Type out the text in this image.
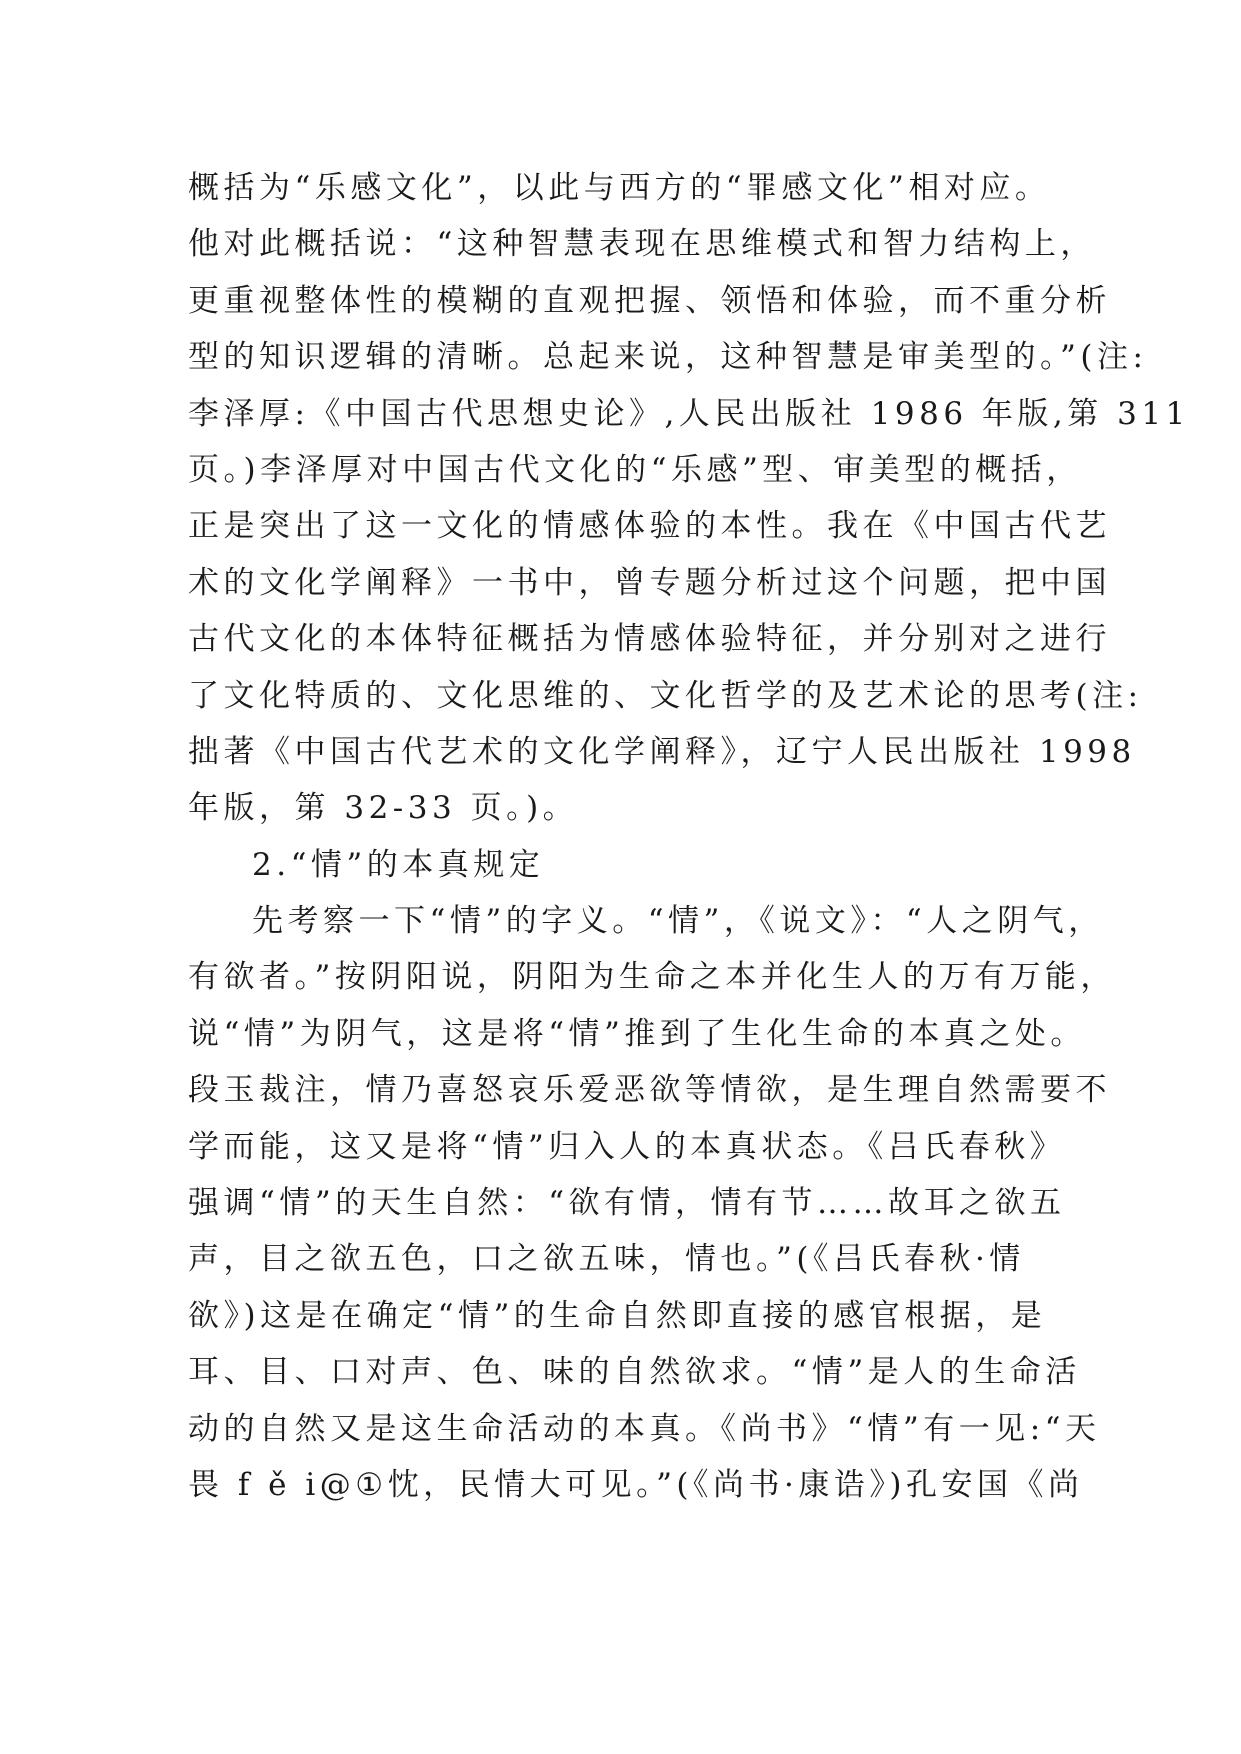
概括为“乐感文化”，以此与西方的“罪感文化”相对应。
他对此概括说：“这种智慧表现在思维模式和智力结构上，
更重视整体性的模糊的直观把握、领悟和体验，而不重分析
型的知识逻辑的清晰。总起来说，这种智慧是审美型的。”(注:
李泽厚:《中国古代思想史论》,人民出版社 1986 年版,第 311
页。)李泽厚对中国古代文化的“乐感”型、审美型的概括，
正是突出了这一文化的情感体验的本性。我在《中国古代艺
术的文化学阐释》一书中，曾专题分析过这个问题，把中国
古代文化的本体特征概括为情感体验特征，并分别对之进行
了文化特质的、文化思维的、文化哲学的及艺术论的思考(注:
拙著《中国古代艺术的文化学阐释》，辽宁人民出版社 1998
年版，第 32-33 页。)。
2.“情”的本真规定
先考察一下“情”的字义。“情”，《说文》：“人之阴气，
有欲者。”按阴阳说，阴阳为生命之本并化生人的万有万能，
说“情”为阴气，这是将“情”推到了生化生命的本真之处。
段玉裁注，情乃喜怒哀乐爱恶欲等情欲，是生理自然需要不
学而能，这又是将“情”归入人的本真状态。《吕氏春秋》
强调“情”的天生自然：“欲有情，情有节……故耳之欲五
声，目之欲五色，口之欲五味，情也。”(《吕氏春秋·情
欲》)这是在确定“情”的生命自然即直接的感官根据，是
耳、目、口对声、色、味的自然欲求。“情”是人的生命活
动的自然又是这生命活动的本真。《尚书》“情”有一见:“天
畏 f ě i@①忱，民情大可见。”(《尚书·康诰》)孔安国《尚
